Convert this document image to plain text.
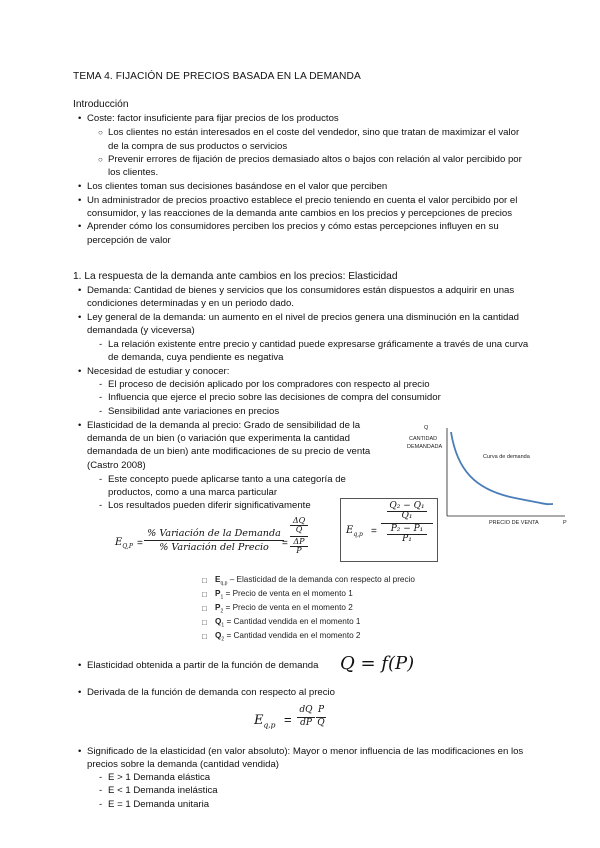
TEMA 4. FIJACIÓN DE PRECIOS BASADA EN LA DEMANDA
Introducción
• Coste: factor insuficiente para fijar precios de los productos
○ Los clientes no están interesados en el coste del vendedor, sino que tratan de maximizar el valor
de la compra de sus productos o servicios
○ Prevenir errores de fijación de precios demasiado altos o bajos con relación al valor percibido por
los clientes.
• Los clientes toman sus decisiones basándose en el valor que perciben
• Un administrador de precios proactivo establece el precio teniendo en cuenta el valor percibido por el
consumidor, y las reacciones de la demanda ante cambios en los precios y percepciones de precios
• Aprender cómo los consumidores perciben los precios y cómo estas percepciones influyen en su
percepción de valor
1. La respuesta de la demanda ante cambios en los precios: Elasticidad
• Demanda: Cantidad de bienes y servicios que los consumidores están dispuestos a adquirir en unas
condiciones determinadas y en un periodo dado.
• Ley general de la demanda: un aumento en el nivel de precios genera una disminución en la cantidad
demandada (y viceversa)
- La relación existente entre precio y cantidad puede expresarse gráficamente a través de una curva
de demanda, cuya pendiente es negativa
• Necesidad de estudiar y conocer:
- El proceso de decisión aplicado por los compradores con respecto al precio
- Influencia que ejerce el precio sobre las decisiones de compra del consumidor
- Sensibilidad ante variaciones en precios
• Elasticidad de la demanda al precio: Grado de sensibilidad de la
demanda de un bien (o variación que experimenta la cantidad
demandada de un bien) ante modificaciones de su precio de venta
(Castro 2008)
- Este concepto puede aplicarse tanto a una categoría de
productos, como a una marca particular
- Los resultados pueden diferir significativamente
Q
CANTIDAD
DEMANDADA
Curva de demanda
PRECIO DE VENTA	P
$E_{Q,P}$ =
% Variación de la Demanda
% Variación del Precio	=
ΔQ
Q
ΔP
P
$E_{q,p}$ =
Q₂ − Q₁
Q₁
P₂ − P₁
P₁
□ $E_{q,p}$ – Elasticidad de la demanda con respecto al precio
□ $P_1$ = Precio de venta en el momento 1
□ $P_2$ = Precio de venta en el momento 2
□ $Q_1$ = Cantidad vendida en el momento 1
□ $Q_2$ = Cantidad vendida en el momento 2
• Elasticidad obtenida a partir de la función de demanda Q = f(P)
• Derivada de la función de demanda con respecto al precio
$E_{q,p}$ =
dQ
dP
P
Q
• Significado de la elasticidad (en valor absoluto): Mayor o menor influencia de las modificaciones en los
precios sobre la demanda (cantidad vendida)
- E > 1 Demanda elástica
- E < 1 Demanda inelástica
- E = 1 Demanda unitaria
